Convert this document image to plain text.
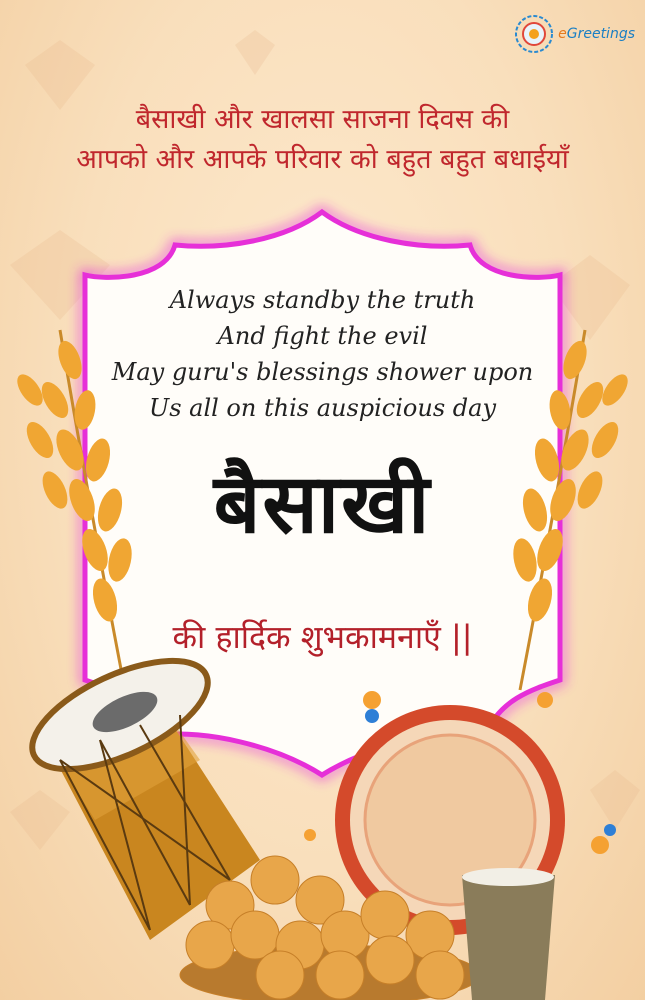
eGreetings
बैसाखी और खालसा साजना दिवस की
आपको और आपके परिवार को बहुत बहुत बधाईयाँ
Always standby the truth
And fight the evil
May guru's blessings shower upon
Us all on this auspicious day
बैसाखी
की हार्दिक शुभकामनाएँ ||
